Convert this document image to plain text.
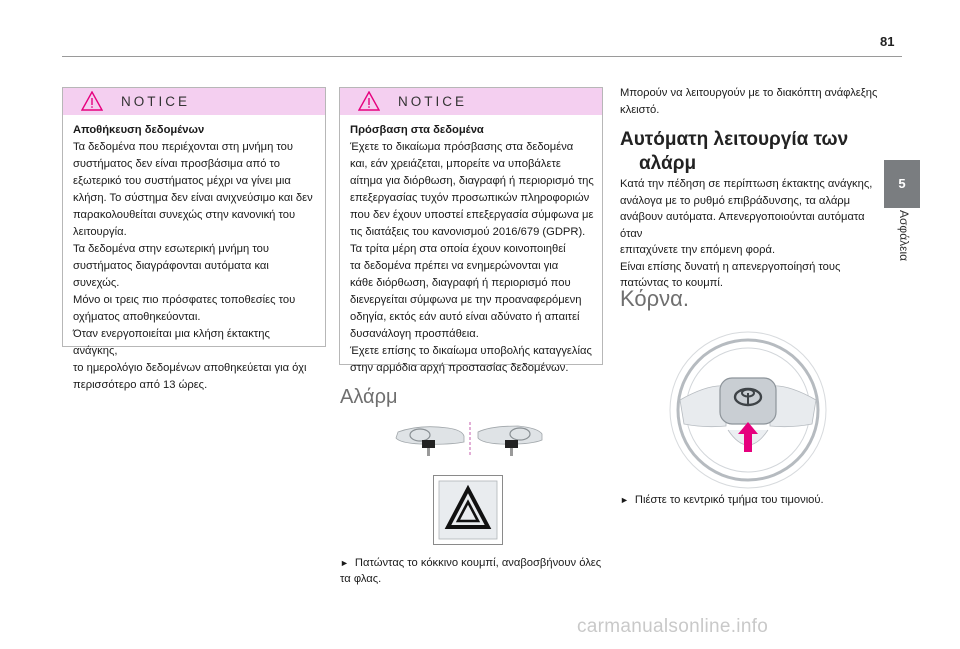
81
5
Ασφάλεια
NOTICE
Αποθήκευση δεδομένων
Τα δεδομένα που περιέχονται στη μνήμη του
συστήματος δεν είναι προσβάσιμα από το
εξωτερικό του συστήματος μέχρι να γίνει μια
κλήση. Το σύστημα δεν είναι ανιχνεύσιμο και δεν
παρακολουθείται συνεχώς στην κανονική του
λειτουργία.
Τα δεδομένα στην εσωτερική μνήμη του
συστήματος διαγράφονται αυτόματα και συνεχώς.
Μόνο οι τρεις πιο πρόσφατες τοποθεσίες του
οχήματος αποθηκεύονται.
Όταν ενεργοποιείται μια κλήση έκτακτης ανάγκης,
το ημερολόγιο δεδομένων αποθηκεύεται για όχι
περισσότερο από 13 ώρες.
NOTICE
Πρόσβαση στα δεδομένα
Έχετε το δικαίωμα πρόσβασης στα δεδομένα
και, εάν χρειάζεται, μπορείτε να υποβάλετε
αίτημα για διόρθωση, διαγραφή ή περιορισμό της
επεξεργασίας τυχόν προσωπικών πληροφοριών
που δεν έχουν υποστεί επεξεργασία σύμφωνα με
τις διατάξεις του κανονισμού 2016/679 (GDPR).
Τα τρίτα μέρη στα οποία έχουν κοινοποιηθεί
τα δεδομένα πρέπει να ενημερώνονται για
κάθε διόρθωση, διαγραφή ή περιορισμό που
διενεργείται σύμφωνα με την προαναφερόμενη
οδηγία, εκτός εάν αυτό είναι αδύνατο ή απαιτεί
δυσανάλογη προσπάθεια.
Έχετε επίσης το δικαίωμα υποβολής καταγγελίας
στην αρμόδια αρχή προστασίας δεδομένων.
Αλάρμ
► Πατώντας το κόκκινο κουμπί, αναβοσβήνουν όλες
τα φλας.
Μπορούν να λειτουργούν με το διακόπτη ανάφλεξης
κλειστό.
Αυτόματη λειτουργία των
αλάρμ
Κατά την πέδηση σε περίπτωση έκτακτης ανάγκης,
ανάλογα με το ρυθμό επιβράδυνσης, τα αλάρμ
ανάβουν αυτόματα. Απενεργοποιούνται αυτόματα όταν
επιταχύνετε την επόμενη φορά.
Είναι επίσης δυνατή η απενεργοποίησή τους
πατώντας το κουμπί.
Κόρνα.
► Πιέστε το κεντρικό τμήμα του τιμονιού.
carmanualsonline.info
